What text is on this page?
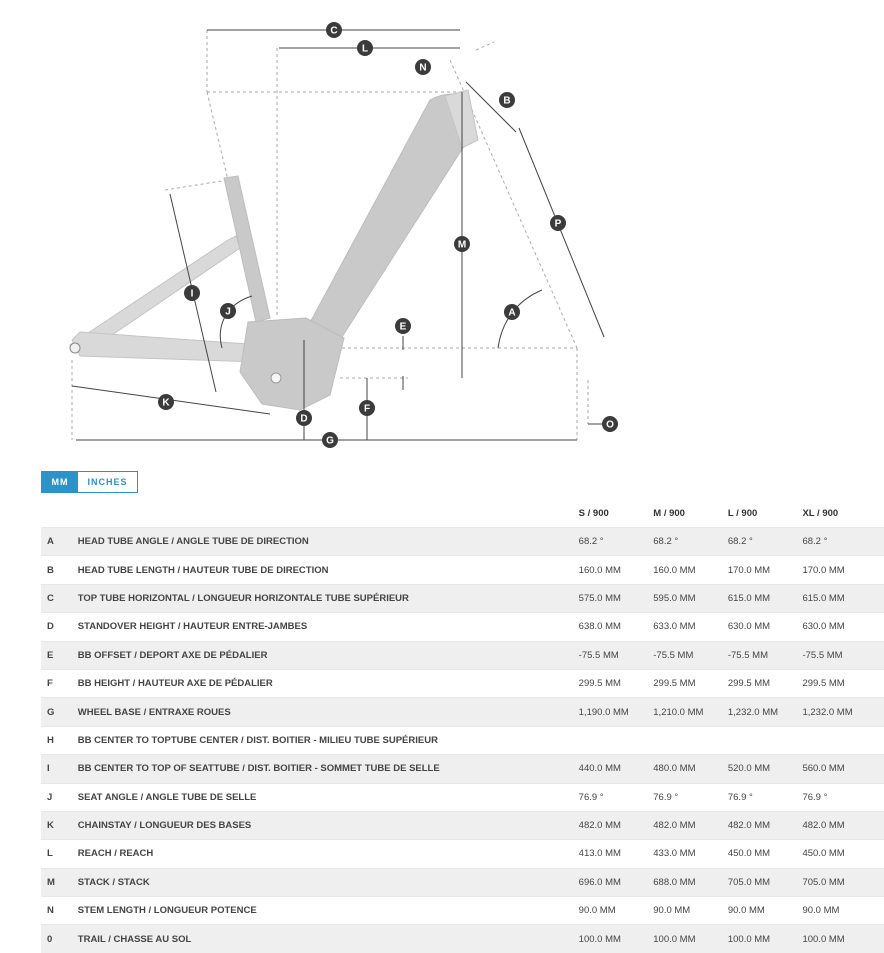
A
B
C
D
E
F
G
I
J
K
L
M
N
P
O
MM	INCHES
		S / 900	M / 900	L / 900	XL / 900
A	HEAD TUBE ANGLE / ANGLE TUBE DE DIRECTION	68.2 °	68.2 °	68.2 °	68.2 °
B	HEAD TUBE LENGTH / HAUTEUR TUBE DE DIRECTION	160.0 MM	160.0 MM	170.0 MM	170.0 MM
C	TOP TUBE HORIZONTAL / LONGUEUR HORIZONTALE TUBE SUPÉRIEUR	575.0 MM	595.0 MM	615.0 MM	615.0 MM
D	STANDOVER HEIGHT / HAUTEUR ENTRE-JAMBES	638.0 MM	633.0 MM	630.0 MM	630.0 MM
E	BB OFFSET / DEPORT AXE DE PÉDALIER	-75.5 MM	-75.5 MM	-75.5 MM	-75.5 MM
F	BB HEIGHT / HAUTEUR AXE DE PÉDALIER	299.5 MM	299.5 MM	299.5 MM	299.5 MM
G	WHEEL BASE / ENTRAXE ROUES	1,190.0 MM	1,210.0 MM	1,232.0 MM	1,232.0 MM
H	BB CENTER TO TOPTUBE CENTER / DIST. BOITIER - MILIEU TUBE SUPÉRIEUR				
I	BB CENTER TO TOP OF SEATTUBE / DIST. BOITIER - SOMMET TUBE DE SELLE	440.0 MM	480.0 MM	520.0 MM	560.0 MM
J	SEAT ANGLE / ANGLE TUBE DE SELLE	76.9 °	76.9 °	76.9 °	76.9 °
K	CHAINSTAY / LONGUEUR DES BASES	482.0 MM	482.0 MM	482.0 MM	482.0 MM
L	REACH / REACH	413.0 MM	433.0 MM	450.0 MM	450.0 MM
M	STACK / STACK	696.0 MM	688.0 MM	705.0 MM	705.0 MM
N	STEM LENGTH / LONGUEUR POTENCE	90.0 MM	90.0 MM	90.0 MM	90.0 MM
0	TRAIL / CHASSE AU SOL	100.0 MM	100.0 MM	100.0 MM	100.0 MM
